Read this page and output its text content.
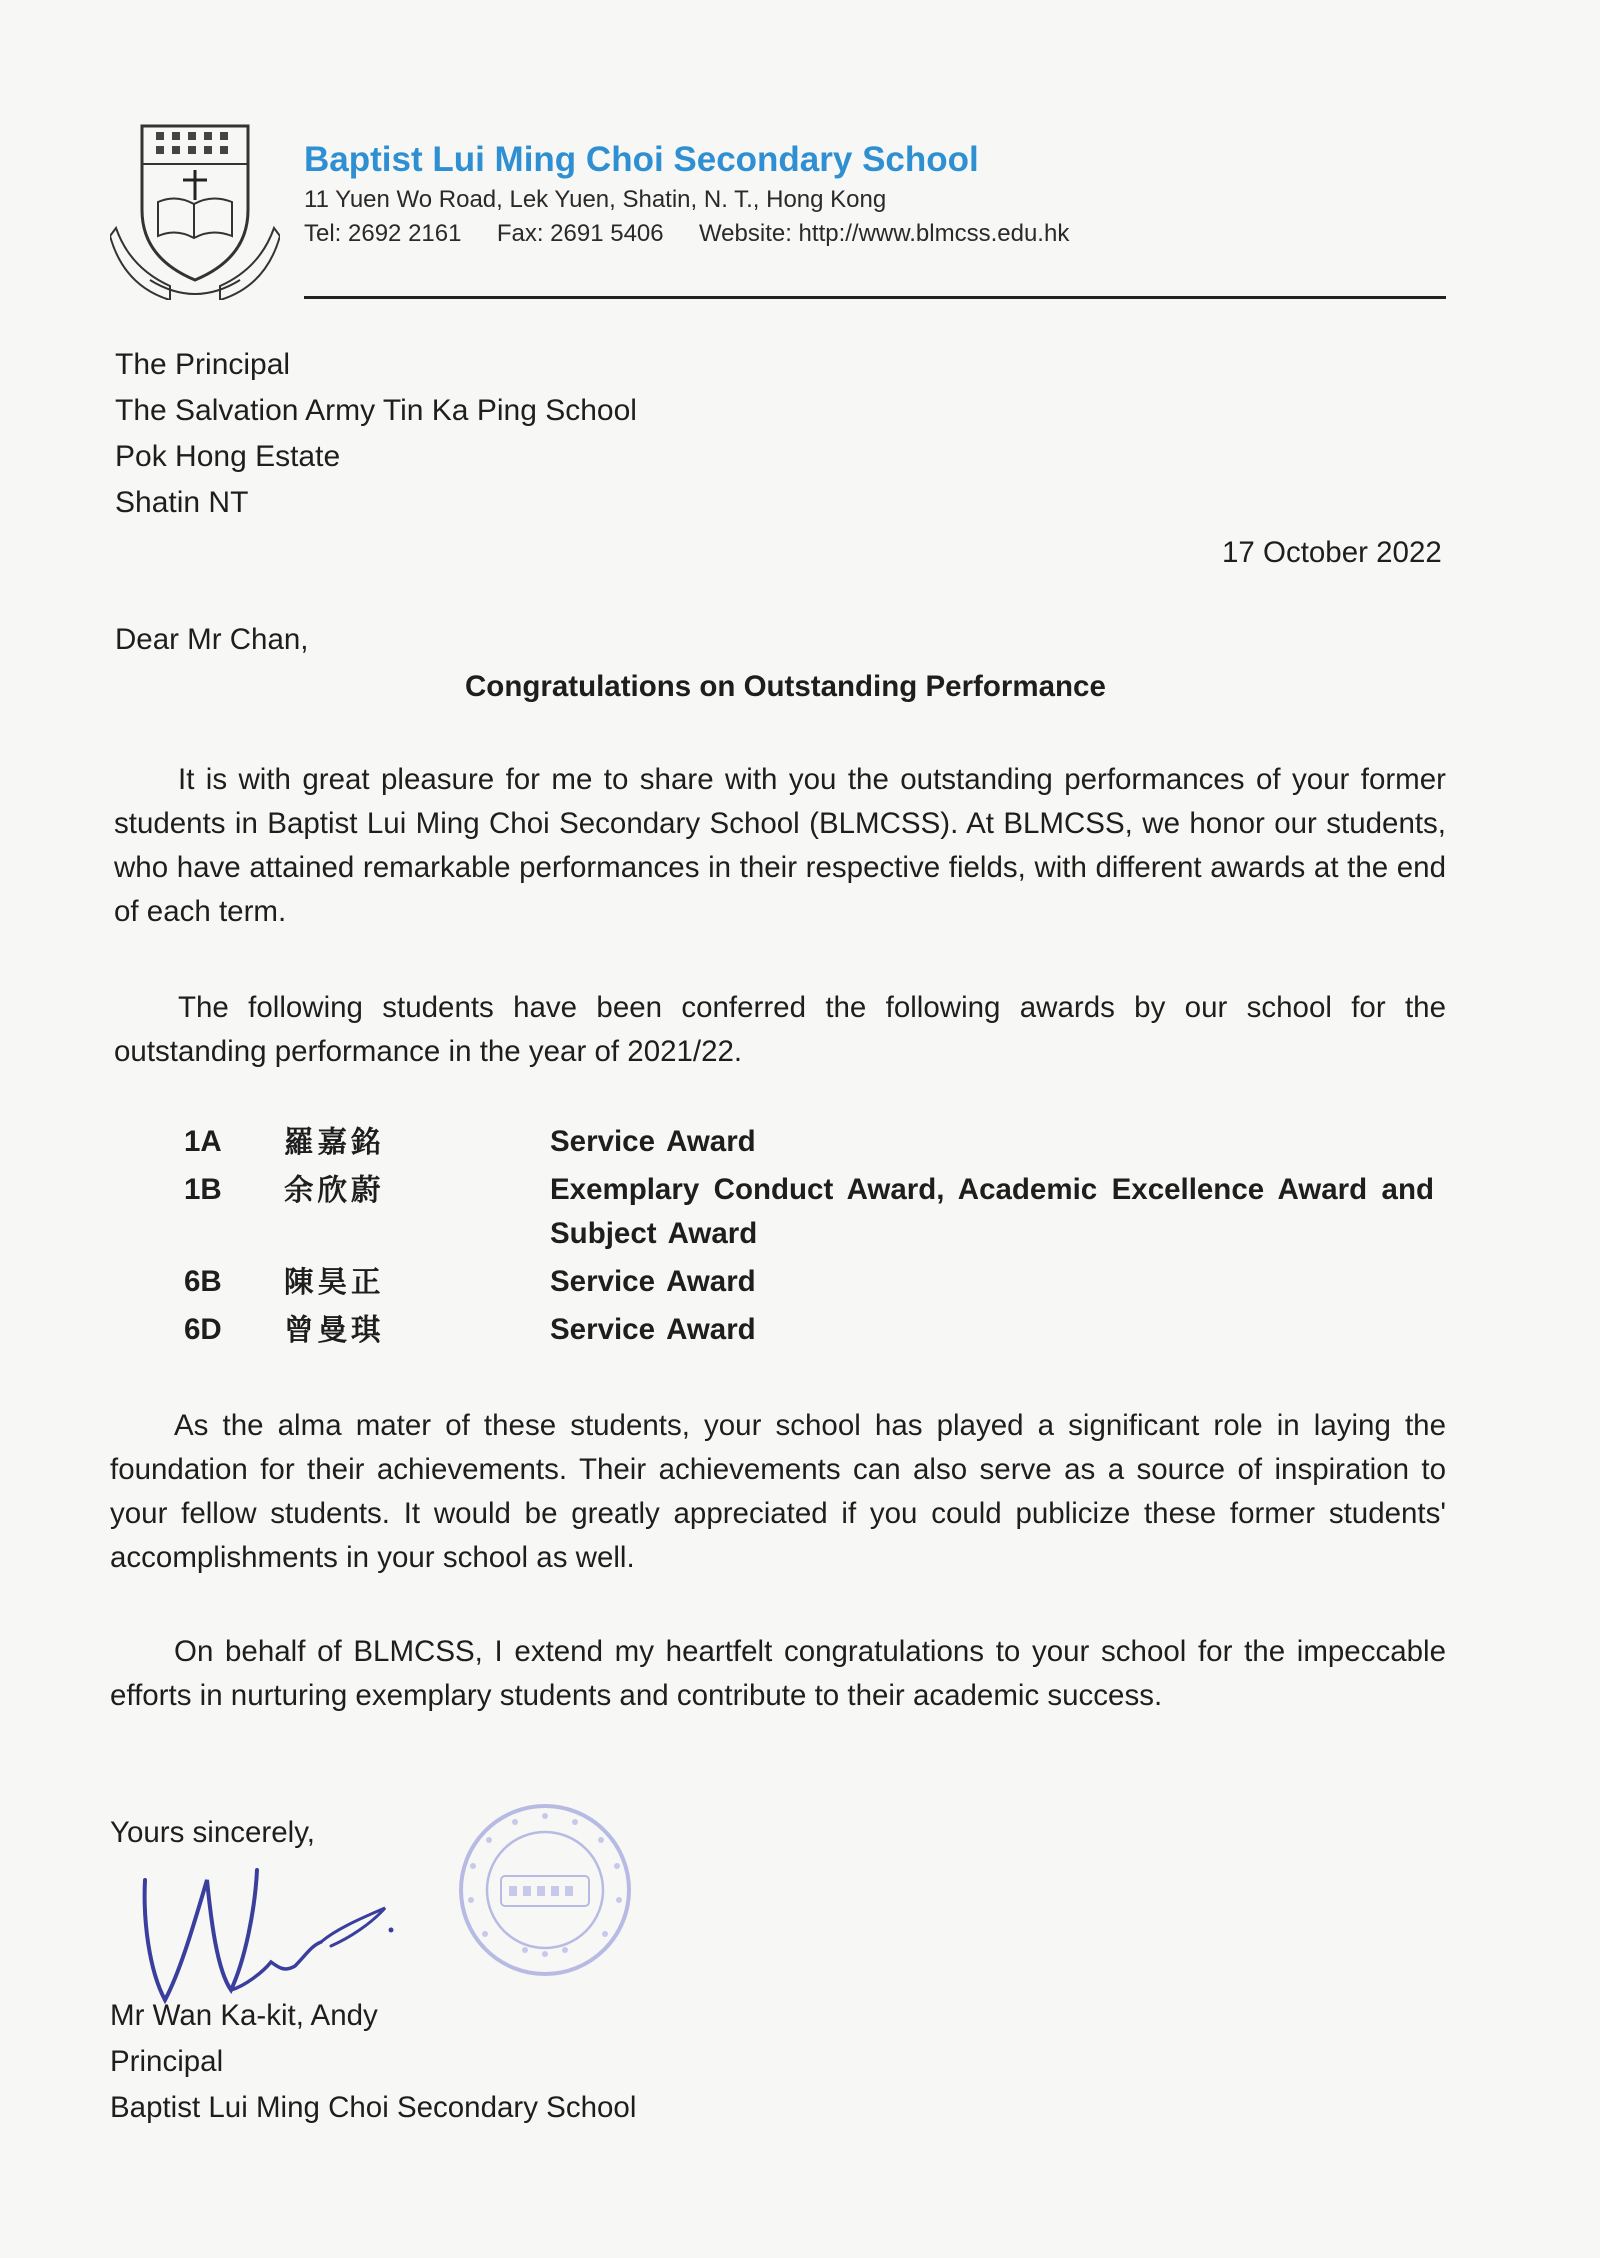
Baptist Lui Ming Choi Secondary School
11 Yuen Wo Road, Lek Yuen, Shatin, N. T., Hong Kong
Tel: 2692 2161 Fax: 2691 5406 Website: http://www.blmcss.edu.hk
The Principal
The Salvation Army Tin Ka Ping School
Pok Hong Estate
Shatin NT
17 October 2022
Dear Mr Chan,
Congratulations on Outstanding Performance
It is with great pleasure for me to share with you the outstanding performances of your former students in Baptist Lui Ming Choi Secondary School (BLMCSS). At BLMCSS, we honor our students, who have attained remarkable performances in their respective fields, with different awards at the end of each term.
The following students have been conferred the following awards by our school for the outstanding performance in the year of 2021/22.
1A 羅嘉銘	Service Award
1B 余欣蔚	Exemplary Conduct Award, Academic Excellence Award and Subject Award
6B 陳昊正	Service Award
6D 曾曼琪	Service Award
As the alma mater of these students, your school has played a significant role in laying the foundation for their achievements. Their achievements can also serve as a source of inspiration to your fellow students. It would be greatly appreciated if you could publicize these former students' accomplishments in your school as well.
On behalf of BLMCSS, I extend my heartfelt congratulations to your school for the impeccable efforts in nurturing exemplary students and contribute to their academic success.
Yours sincerely,
Mr Wan Ka-kit, Andy
Principal
Baptist Lui Ming Choi Secondary School
